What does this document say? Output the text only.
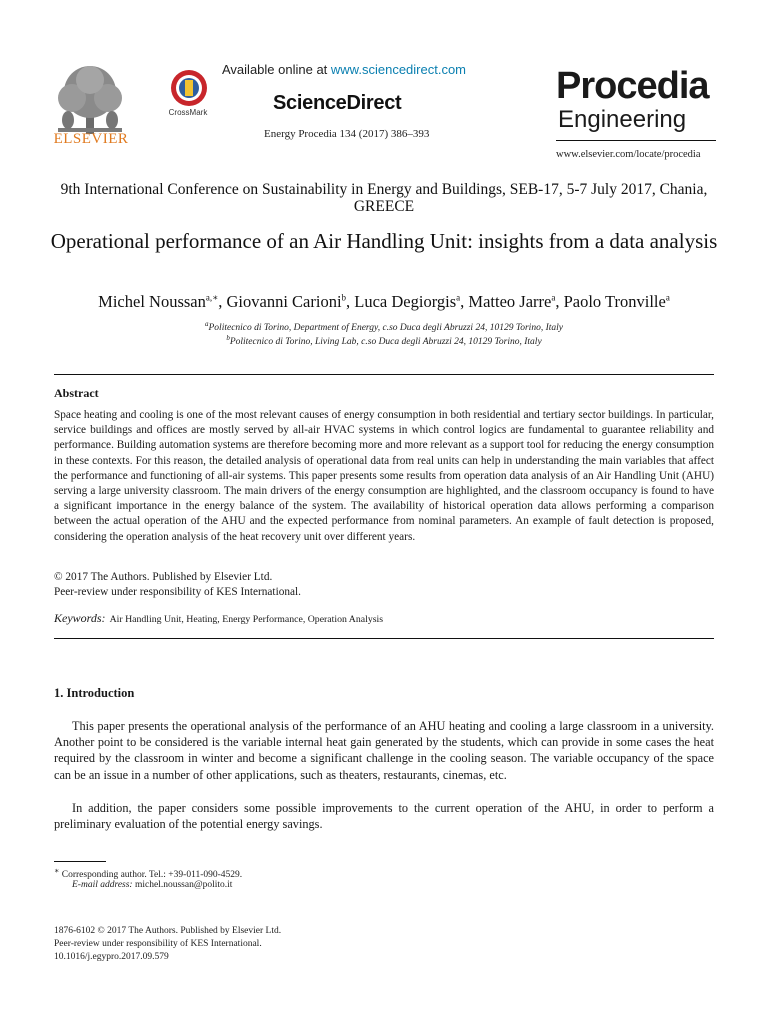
ELSEVIER
CrossMark
Available online at www.sciencedirect.com
ScienceDirect
Energy Procedia 134 (2017) 386–393
Procedia
Engineering
www.elsevier.com/locate/procedia
9th International Conference on Sustainability in Energy and Buildings, SEB-17, 5-7 July 2017, Chania, GREECE
Operational performance of an Air Handling Unit: insights from a data analysis
Michel Noussan$^{a,∗}$, Giovanni Carioni$^b$, Luca Degiorgis$^a$, Matteo Jarre$^a$, Paolo Tronville$^a$
$^a$Politecnico di Torino, Department of Energy, c.so Duca degli Abruzzi 24, 10129 Torino, Italy
$^b$Politecnico di Torino, Living Lab, c.so Duca degli Abruzzi 24, 10129 Torino, Italy
Abstract
Space heating and cooling is one of the most relevant causes of energy consumption in both residential and tertiary sector buildings. In particular, service buildings and offices are mostly served by all-air HVAC systems in which control logics are fundamental to guarantee reliability and performance. Building automation systems are therefore becoming more and more relevant as a support tool for reducing the energy consumption in these contexts. For this reason, the detailed analysis of operational data from real units can help in understanding the main variables that affect the performance and functioning of all-air systems. This paper presents some results from operation data analysis of an Air Handling Unit (AHU) serving a large university classroom. The main drivers of the energy consumption are highlighted, and the classroom occupancy is found to have a significant importance in the energy balance of the system. The availability of historical operation data allows performing a comparison between the actual operation of the AHU and the expected performance from nominal parameters. An example of fault detection is proposed, considering the operation analysis of the heat recovery unit over different years.
© 2017 The Authors. Published by Elsevier Ltd.
Peer-review under responsibility of KES International.
Keywords: Air Handling Unit, Heating, Energy Performance, Operation Analysis
1. Introduction
This paper presents the operational analysis of the performance of an AHU heating and cooling a large classroom in a university. Another point to be considered is the variable internal heat gain generated by the students, which can provide in some cases the heat required by the classroom in winter and become a significant challenge in the cooling season. The variable occupancy of the space can be an issue in a number of other applications, such as theaters, restaurants, cinemas, etc.
In addition, the paper considers some possible improvements to the current operation of the AHU, in order to perform a preliminary evaluation of the potential energy savings.
∗ Corresponding author. Tel.: +39-011-090-4529.
E-mail address: michel.noussan@polito.it
1876-6102 © 2017 The Authors. Published by Elsevier Ltd.
Peer-review under responsibility of KES International.
10.1016/j.egypro.2017.09.579
